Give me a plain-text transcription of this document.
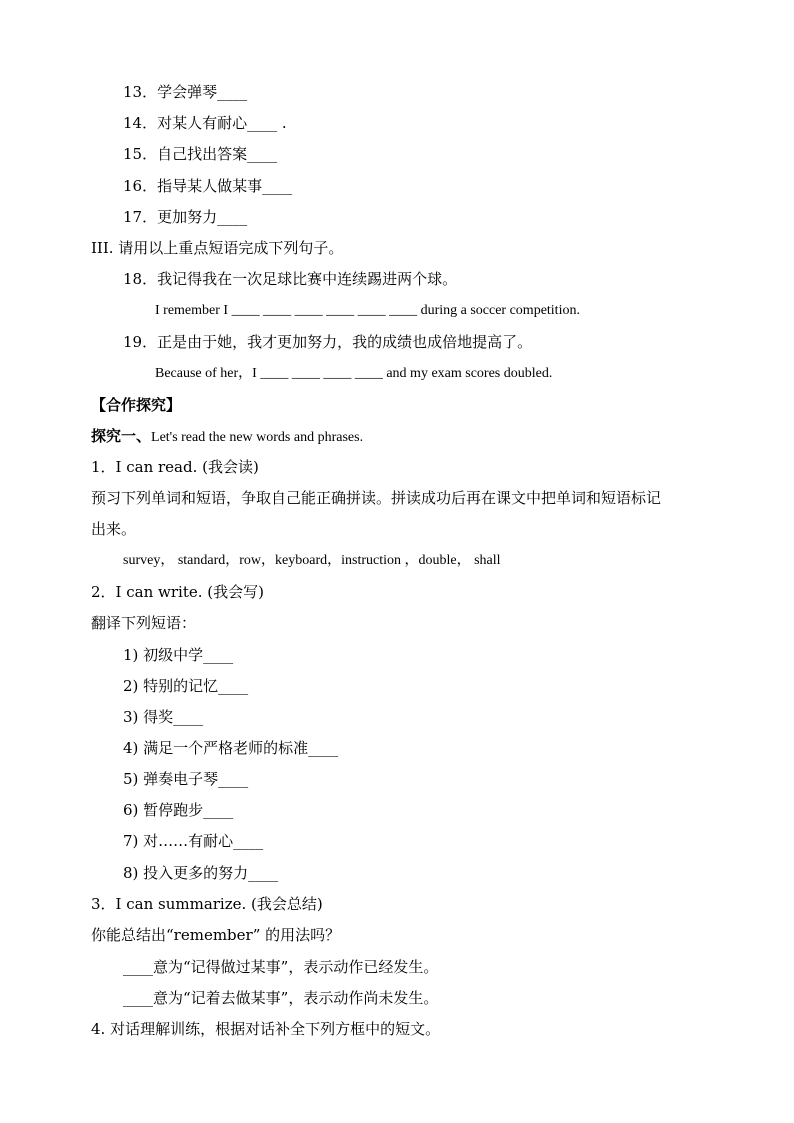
13．学会弹琴____
14．对某人有耐心____ .
15．自己找出答案____
16．指导某人做某事____
17．更加努力____
III. 请用以上重点短语完成下列句子。
18．我记得我在一次足球比赛中连续踢进两个球。
I remember I ____ ____ ____ ____ ____ ____ during a soccer competition.
19．正是由于她，我才更加努力，我的成绩也成倍地提高了。
Because of her，I ____ ____ ____ ____ and my exam scores doubled.
【合作探究】
探究一、Let's read the new words and phrases.
1．I can read. (我会读)
预习下列单词和短语，争取自己能正确拼读。拼读成功后再在课文中把单词和短语标记
出来。
survey， standard，row，keyboard，instruction ，double， shall
2．I can write. (我会写)
翻译下列短语：
1) 初级中学____
2) 特别的记忆____
3) 得奖____
4) 满足一个严格老师的标准____
5) 弹奏电子琴____
6) 暂停跑步____
7) 对……有耐心____
8) 投入更多的努力____
3．I can summarize. (我会总结)
你能总结出“remember” 的用法吗？
____意为“记得做过某事”，表示动作已经发生。
____意为“记着去做某事”，表示动作尚未发生。
4. 对话理解训练，根据对话补全下列方框中的短文。
